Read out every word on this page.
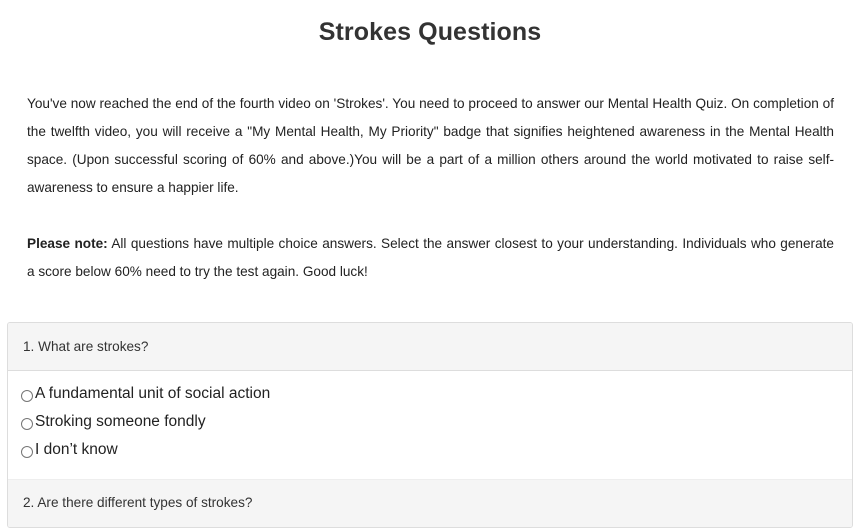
Strokes Questions

You've now reached the end of the fourth video on 'Strokes'. You need to proceed to answer our Mental Health Quiz. On completion of the twelfth video, you will receive a "My Mental Health, My Priority" badge that signifies heightened awareness in the Mental Health space. (Upon successful scoring of 60% and above.)You will be a part of a million others around the world motivated to raise self-awareness to ensure a happier life.

Please note: All questions have multiple choice answers. Select the answer closest to your understanding. Individuals who generate a score below 60% need to try the test again. Good luck!

1. What are strokes?
A fundamental unit of social action
Stroking someone fondly
I don’t know
2. Are there different types of strokes?
